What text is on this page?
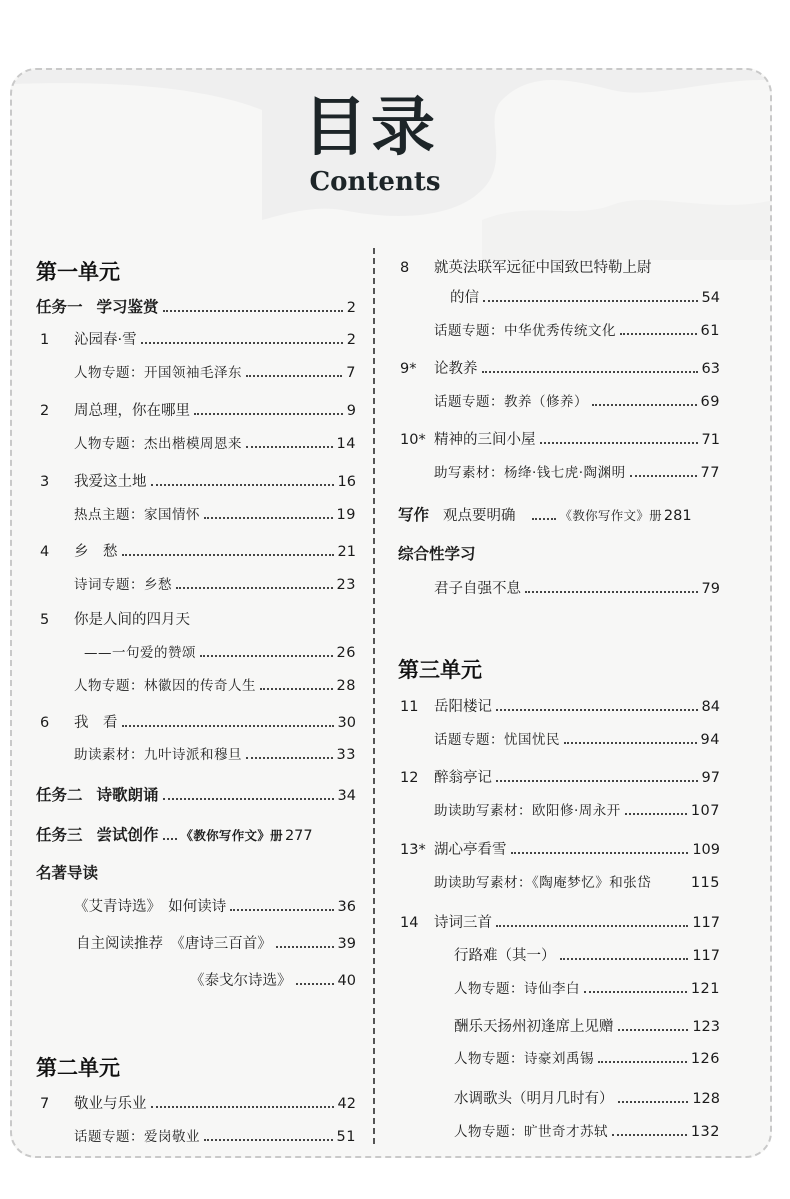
目录
Contents
第一单元
任务一 学习鉴赏	2
1	沁园春·雪	2
人物专题：开国领袖毛泽东	7
2	周总理，你在哪里	9
人物专题：杰出楷模周恩来	14
3	我爱这土地	16
热点主题：家国情怀	19
4	乡　愁	21
诗词专题：乡愁	23
5	你是人间的四月天
——一句爱的赞颂	26
人物专题：林徽因的传奇人生	28
6	我　看	30
助读素材：九叶诗派和穆旦	33
任务二 诗歌朗诵	34
任务三 尝试创作 《教你写作文》册 277
名著导读
《艾青诗选》　如何读诗	36
自主阅读推荐　《唐诗三百首》	39
《泰戈尔诗选》	40
第二单元
7	敬业与乐业	42
话题专题：爱岗敬业	51
8	就英法联军远征中国致巴特勒上尉
的信	54
话题专题：中华优秀传统文化	61
9*	论教养	63
话题专题：教养（修养）	69
10* 精神的三间小屋	71
助写素材：杨绛·钱七虎·陶渊明	77
写作 观点要明确	《教你写作文》册 281
综合性学习
君子自强不息	79
第三单元
11	岳阳楼记	84
话题专题：忧国忧民	94
12	醉翁亭记	97
助读助写素材：欧阳修·周永开	107
13* 湖心亭看雪	109
助读助写素材：《陶庵梦忆》和张岱	115
14	诗词三首	117
行路难（其一）	117
人物专题：诗仙李白	121
酬乐天扬州初逢席上见赠	123
人物专题：诗豪刘禹锡	126
水调歌头（明月几时有）	128
人物专题：旷世奇才苏轼	132
